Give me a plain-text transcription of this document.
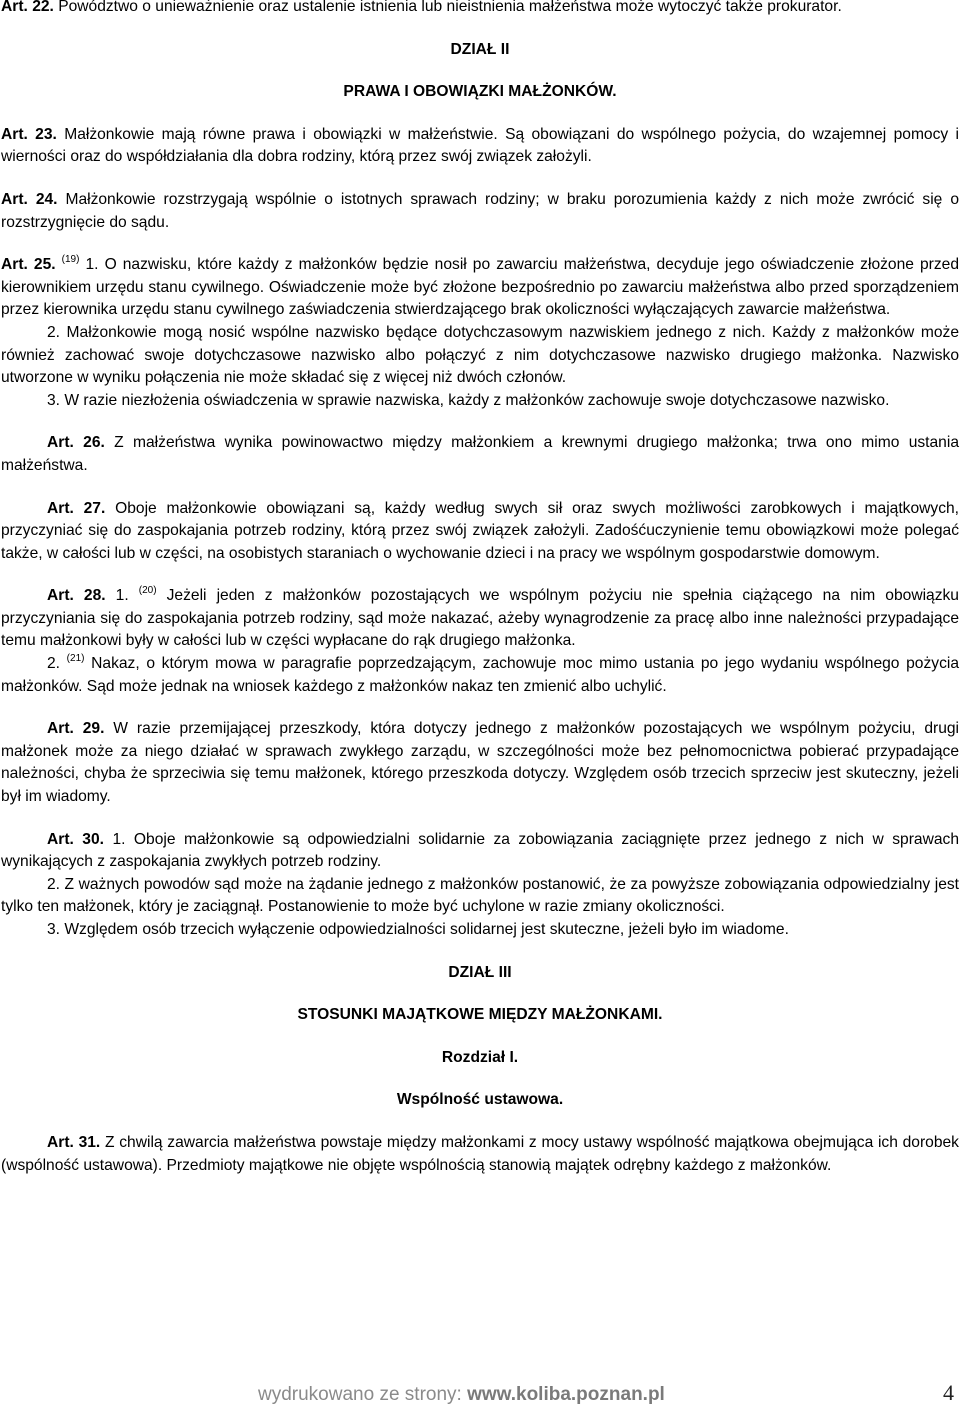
Art. 22. Powództwo o unieważnienie oraz ustalenie istnienia lub nieistnienia małżeństwa może wytoczyć także prokurator.

DZIAŁ II

PRAWA I OBOWIĄZKI MAŁŻONKÓW.

Art. 23. Małżonkowie mają równe prawa i obowiązki w małżeństwie. Są obowiązani do wspólnego pożycia, do wzajemnej pomocy i wierności oraz do współdziałania dla dobra rodziny, którą przez swój związek założyli.

Art. 24. Małżonkowie rozstrzygają wspólnie o istotnych sprawach rodziny; w braku porozumienia każdy z nich może zwrócić się o rozstrzygnięcie do sądu.

Art. 25. $^{(19)}$ 1. O nazwisku, które każdy z małżonków będzie nosił po zawarciu małżeństwa, decyduje jego oświadczenie złożone przed kierownikiem urzędu stanu cywilnego. Oświadczenie może być złożone bezpośrednio po zawarciu małżeństwa albo przed sporządzeniem przez kierownika urzędu stanu cywilnego zaświadczenia stwierdzającego brak okoliczności wyłączających zawarcie małżeństwa.

2. Małżonkowie mogą nosić wspólne nazwisko będące dotychczasowym nazwiskiem jednego z nich. Każdy z małżonków może również zachować swoje dotychczasowe nazwisko albo połączyć z nim dotychczasowe nazwisko drugiego małżonka. Nazwisko utworzone w wyniku połączenia nie może składać się z więcej niż dwóch członów.

3. W razie niezłożenia oświadczenia w sprawie nazwiska, każdy z małżonków zachowuje swoje dotychczasowe nazwisko.

Art. 26. Z małżeństwa wynika powinowactwo między małżonkiem a krewnymi drugiego małżonka; trwa ono mimo ustania małżeństwa.

Art. 27. Oboje małżonkowie obowiązani są, każdy według swych sił oraz swych możliwości zarobkowych i majątkowych, przyczyniać się do zaspokajania potrzeb rodziny, którą przez swój związek założyli. Zadośćuczynienie temu obowiązkowi może polegać także, w całości lub w części, na osobistych staraniach o wychowanie dzieci i na pracy we wspólnym gospodarstwie domowym.

Art. 28. 1. $^{(20)}$ Jeżeli jeden z małżonków pozostających we wspólnym pożyciu nie spełnia ciążącego na nim obowiązku przyczyniania się do zaspokajania potrzeb rodziny, sąd może nakazać, ażeby wynagrodzenie za pracę albo inne należności przypadające temu małżonkowi były w całości lub w części wypłacane do rąk drugiego małżonka.

2. $^{(21)}$ Nakaz, o którym mowa w paragrafie poprzedzającym, zachowuje moc mimo ustania po jego wydaniu wspólnego pożycia małżonków. Sąd może jednak na wniosek każdego z małżonków nakaz ten zmienić albo uchylić.

Art. 29. W razie przemijającej przeszkody, która dotyczy jednego z małżonków pozostających we wspólnym pożyciu, drugi małżonek może za niego działać w sprawach zwykłego zarządu, w szczególności może bez pełnomocnictwa pobierać przypadające należności, chyba że sprzeciwia się temu małżonek, którego przeszkoda dotyczy. Względem osób trzecich sprzeciw jest skuteczny, jeżeli był im wiadomy.

Art. 30. 1. Oboje małżonkowie są odpowiedzialni solidarnie za zobowiązania zaciągnięte przez jednego z nich w sprawach wynikających z zaspokajania zwykłych potrzeb rodziny.

2. Z ważnych powodów sąd może na żądanie jednego z małżonków postanowić, że za powyższe zobowiązania odpowiedzialny jest tylko ten małżonek, który je zaciągnął. Postanowienie to może być uchylone w razie zmiany okoliczności.

3. Względem osób trzecich wyłączenie odpowiedzialności solidarnej jest skuteczne, jeżeli było im wiadome.

DZIAŁ III

STOSUNKI MAJĄTKOWE MIĘDZY MAŁŻONKAMI.

Rozdział I.

Wspólność ustawowa.

Art. 31. Z chwilą zawarcia małżeństwa powstaje między małżonkami z mocy ustawy wspólność majątkowa obejmująca ich dorobek (wspólność ustawowa). Przedmioty majątkowe nie objęte wspólnością stanowią majątek odrębny każdego z małżonków.

wydrukowano ze strony: www.koliba.poznan.pl	4
